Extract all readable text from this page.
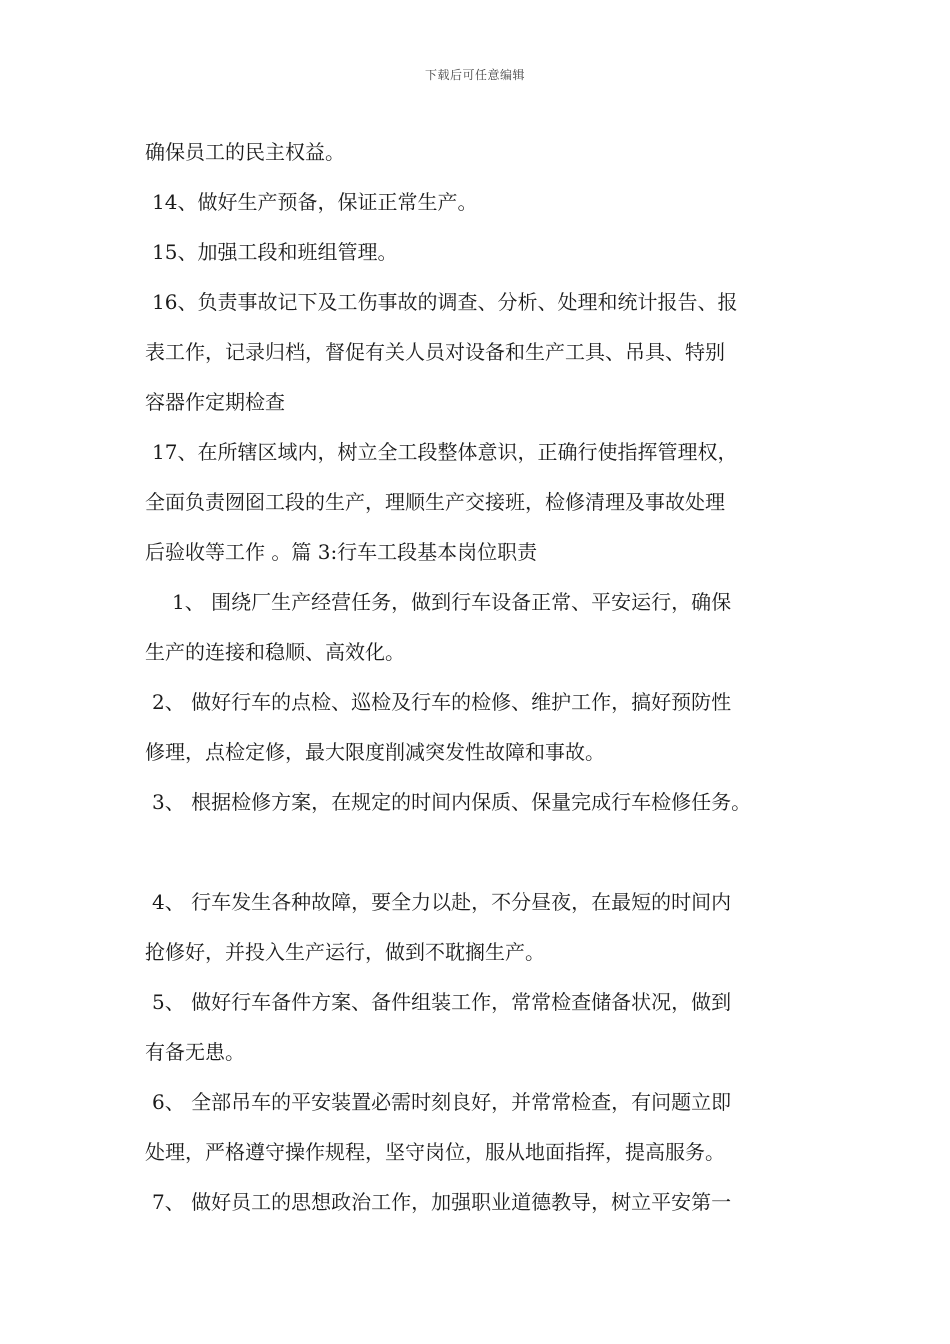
下载后可任意编辑
确保员工的民主权益。
14、做好生产预备，保证正常生产。
15、加强工段和班组管理。
16、负责事故记下及工伤事故的调查、分析、处理和统计报告、报
表工作，记录归档，督促有关人员对设备和生产工具、吊具、特别
容器作定期检查
17、在所辖区域内，树立全工段整体意识，正确行使指挥管理权，
全面负责囫囵工段的生产，理顺生产交接班，检修清理及事故处理
后验收等工作 。篇 3:行车工段基本岗位职责
1、 围绕厂生产经营任务，做到行车设备正常、平安运行，确保
生产的连接和稳顺、高效化。
2、 做好行车的点检、巡检及行车的检修、维护工作，搞好预防性
修理，点检定修，最大限度削减突发性故障和事故。
3、 根据检修方案，在规定的时间内保质、保量完成行车检修任务。
4、 行车发生各种故障，要全力以赴，不分昼夜，在最短的时间内
抢修好，并投入生产运行，做到不耽搁生产。
5、 做好行车备件方案、备件组装工作，常常检查储备状况，做到
有备无患。
6、 全部吊车的平安装置必需时刻良好，并常常检查，有问题立即
处理，严格遵守操作规程，坚守岗位，服从地面指挥，提高服务。
7、 做好员工的思想政治工作，加强职业道德教导，树立平安第一
